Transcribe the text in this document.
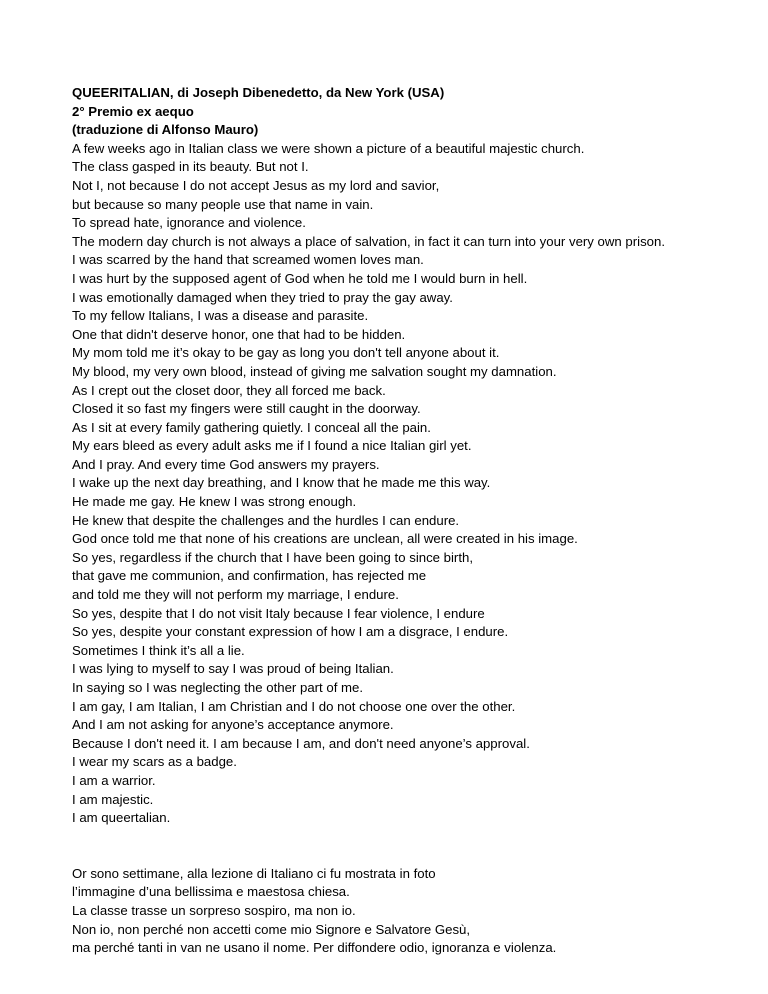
QUEERITALIAN, di Joseph Dibenedetto, da New York (USA)

2° Premio ex aequo

(traduzione di Alfonso Mauro)

A few weeks ago in Italian class we were shown a picture of a beautiful majestic church.

The class gasped in its beauty. But not I.

Not I, not because I do not accept Jesus as my lord and savior,

but because so many people use that name in vain.

To spread hate, ignorance and violence.

The modern day church is not always a place of salvation, in fact it can turn into your very own prison.

I was scarred by the hand that screamed women loves man.

I was hurt by the supposed agent of God when he told me I would burn in hell.

I was emotionally damaged when they tried to pray the gay away.

To my fellow Italians, I was a disease and parasite.

One that didn't deserve honor, one that had to be hidden.

My mom told me it’s okay to be gay as long you don't tell anyone about it.

My blood, my very own blood, instead of giving me salvation sought my damnation.

As I crept out the closet door, they all forced me back.

Closed it so fast my fingers were still caught in the doorway.

As I sit at every family gathering quietly. I conceal all the pain.

My ears bleed as every adult asks me if I found a nice Italian girl yet.

And I pray. And every time God answers my prayers.

I wake up the next day breathing, and I know that he made me this way.

He made me gay. He knew I was strong enough.

He knew that despite the challenges and the hurdles I can endure.

God once told me that none of his creations are unclean, all were created in his image.

So yes, regardless if the church that I have been going to since birth,

that gave me communion, and confirmation, has rejected me

and told me they will not perform my marriage, I endure.

So yes, despite that I do not visit Italy because I fear violence, I endure

So yes, despite your constant expression of how I am a disgrace, I endure.

Sometimes I think it’s all a lie.

I was lying to myself to say I was proud of being Italian.

In saying so I was neglecting the other part of me.

I am gay, I am Italian, I am Christian and I do not choose one over the other.

And I am not asking for anyone’s acceptance anymore.

Because I don't need it. I am because I am, and don't need anyone’s approval.

I wear my scars as a badge.

I am a warrior.

I am majestic.

I am queertalian.

Or sono settimane, alla lezione di Italiano ci fu mostrata in foto

l’immagine d’una bellissima e maestosa chiesa.

La classe trasse un sorpreso sospiro, ma non io.

Non io, non perché non accetti come mio Signore e Salvatore Gesù,

ma perché tanti in van ne usano il nome. Per diffondere odio, ignoranza e violenza.
